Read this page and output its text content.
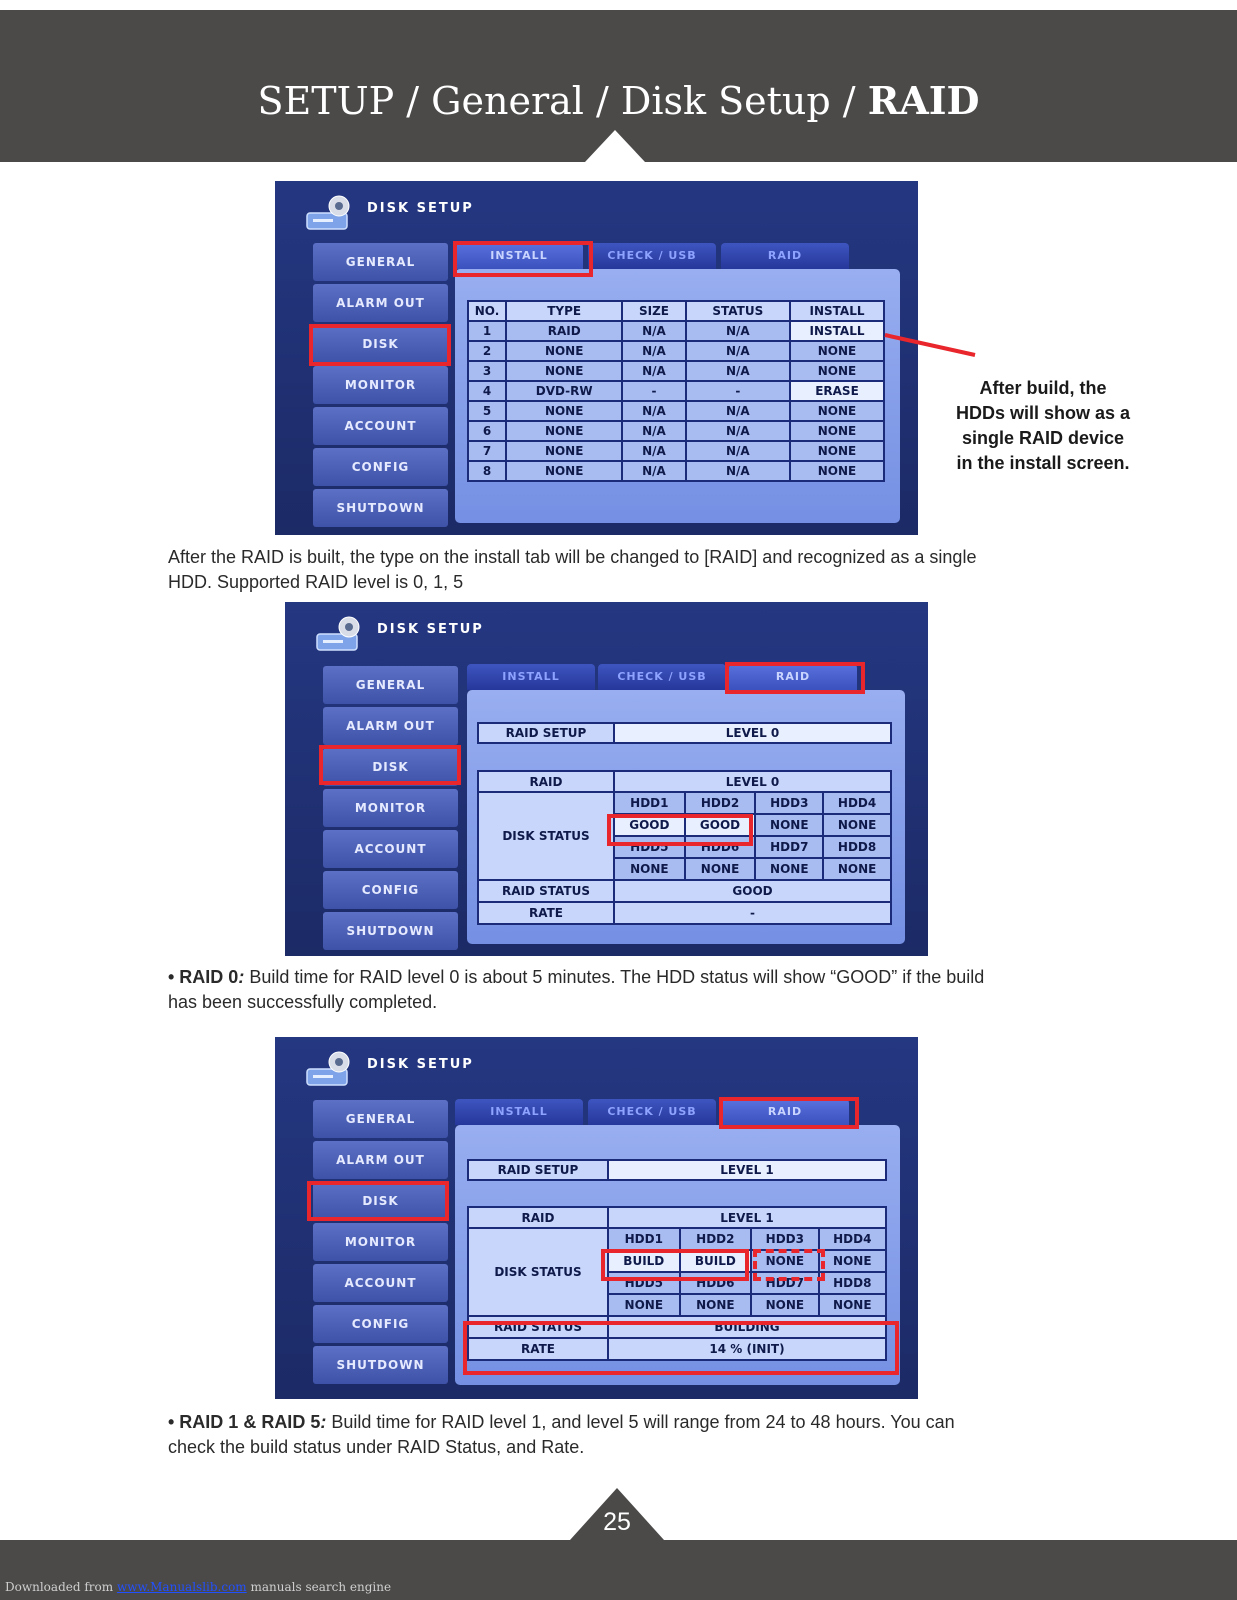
SETUP / General / Disk Setup / RAID
DISK SETUP
GENERAL
ALARM OUT
DISK
MONITOR
ACCOUNT
CONFIG
SHUTDOWN
INSTALL	CHECK / USB	RAID
NO.	TYPE	SIZE	STATUS	INSTALL
1	RAID	N/A	N/A	INSTALL
2	NONE	N/A	N/A	NONE
3	NONE	N/A	N/A	NONE
4	DVD-RW	-	-	ERASE
5	NONE	N/A	N/A	NONE
6	NONE	N/A	N/A	NONE
7	NONE	N/A	N/A	NONE
8	NONE	N/A	N/A	NONE
After build, the
HDDs will show as a
single RAID device
in the install screen.
After the RAID is built, the type on the install tab will be changed to [RAID] and recognized as a single
HDD. Supported RAID level is 0, 1, 5
DISK SETUP
GENERAL
ALARM OUT
DISK
MONITOR
ACCOUNT
CONFIG
SHUTDOWN
INSTALL	CHECK / USB	RAID
RAID SETUP	LEVEL 0
RAID	LEVEL 0			
DISK STATUS	HDD1	HDD2	HDD3	HDD4
	GOOD	GOOD	NONE	NONE
	HDD5	HDD6	HDD7	HDD8
	NONE	NONE	NONE	NONE
RAID STATUS	GOOD			
RATE	-			
• RAID 0: Build time for RAID level 0 is about 5 minutes. The HDD status will show “GOOD” if the build
has been successfully completed.
DISK SETUP
GENERAL
ALARM OUT
DISK
MONITOR
ACCOUNT
CONFIG
SHUTDOWN
INSTALL	CHECK / USB	RAID
RAID SETUP	LEVEL 1
RAID	LEVEL 1			
DISK STATUS	HDD1	HDD2	HDD3	HDD4
	BUILD	BUILD	NONE	NONE
	HDD5	HDD6	HDD7	HDD8
	NONE	NONE	NONE	NONE
RAID STATUS	BUILDING			
RATE	14 % (INIT)			
• RAID 1 & RAID 5: Build time for RAID level 1, and level 5 will range from 24 to 48 hours. You can
check the build status under RAID Status, and Rate.
25
Downloaded from www.Manualslib.com manuals search engine
